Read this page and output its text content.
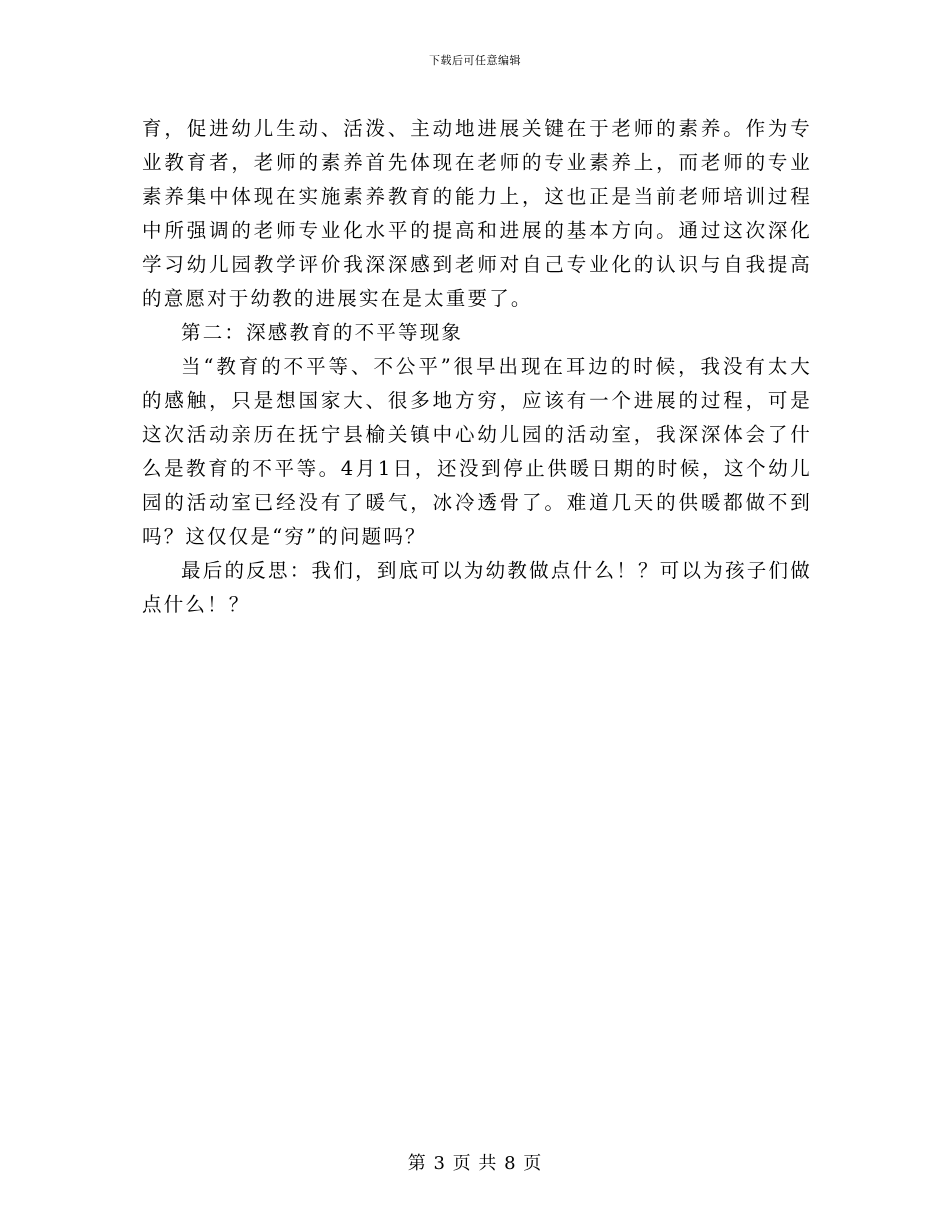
下载后可任意编辑

育，促进幼儿生动、活泼、主动地进展关键在于老师的素养。作为专业教育者，老师的素养首先体现在老师的专业素养上，而老师的专业素养集中体现在实施素养教育的能力上，这也正是当前老师培训过程中所强调的老师专业化水平的提高和进展的基本方向。通过这次深化学习幼儿园教学评价我深深感到老师对自己专业化的认识与自我提高的意愿对于幼教的进展实在是太重要了。

第二：深感教育的不平等现象

当“教育的不平等、不公平”很早出现在耳边的时候，我没有太大的感触，只是想国家大、很多地方穷，应该有一个进展的过程，可是这次活动亲历在抚宁县榆关镇中心幼儿园的活动室，我深深体会了什么是教育的不平等。4月1日，还没到停止供暖日期的时候，这个幼儿园的活动室已经没有了暖气，冰冷透骨了。难道几天的供暖都做不到吗？这仅仅是“穷”的问题吗？

最后的反思：我们，到底可以为幼教做点什么！？可以为孩子们做点什么！？

第 3 页 共 8 页
